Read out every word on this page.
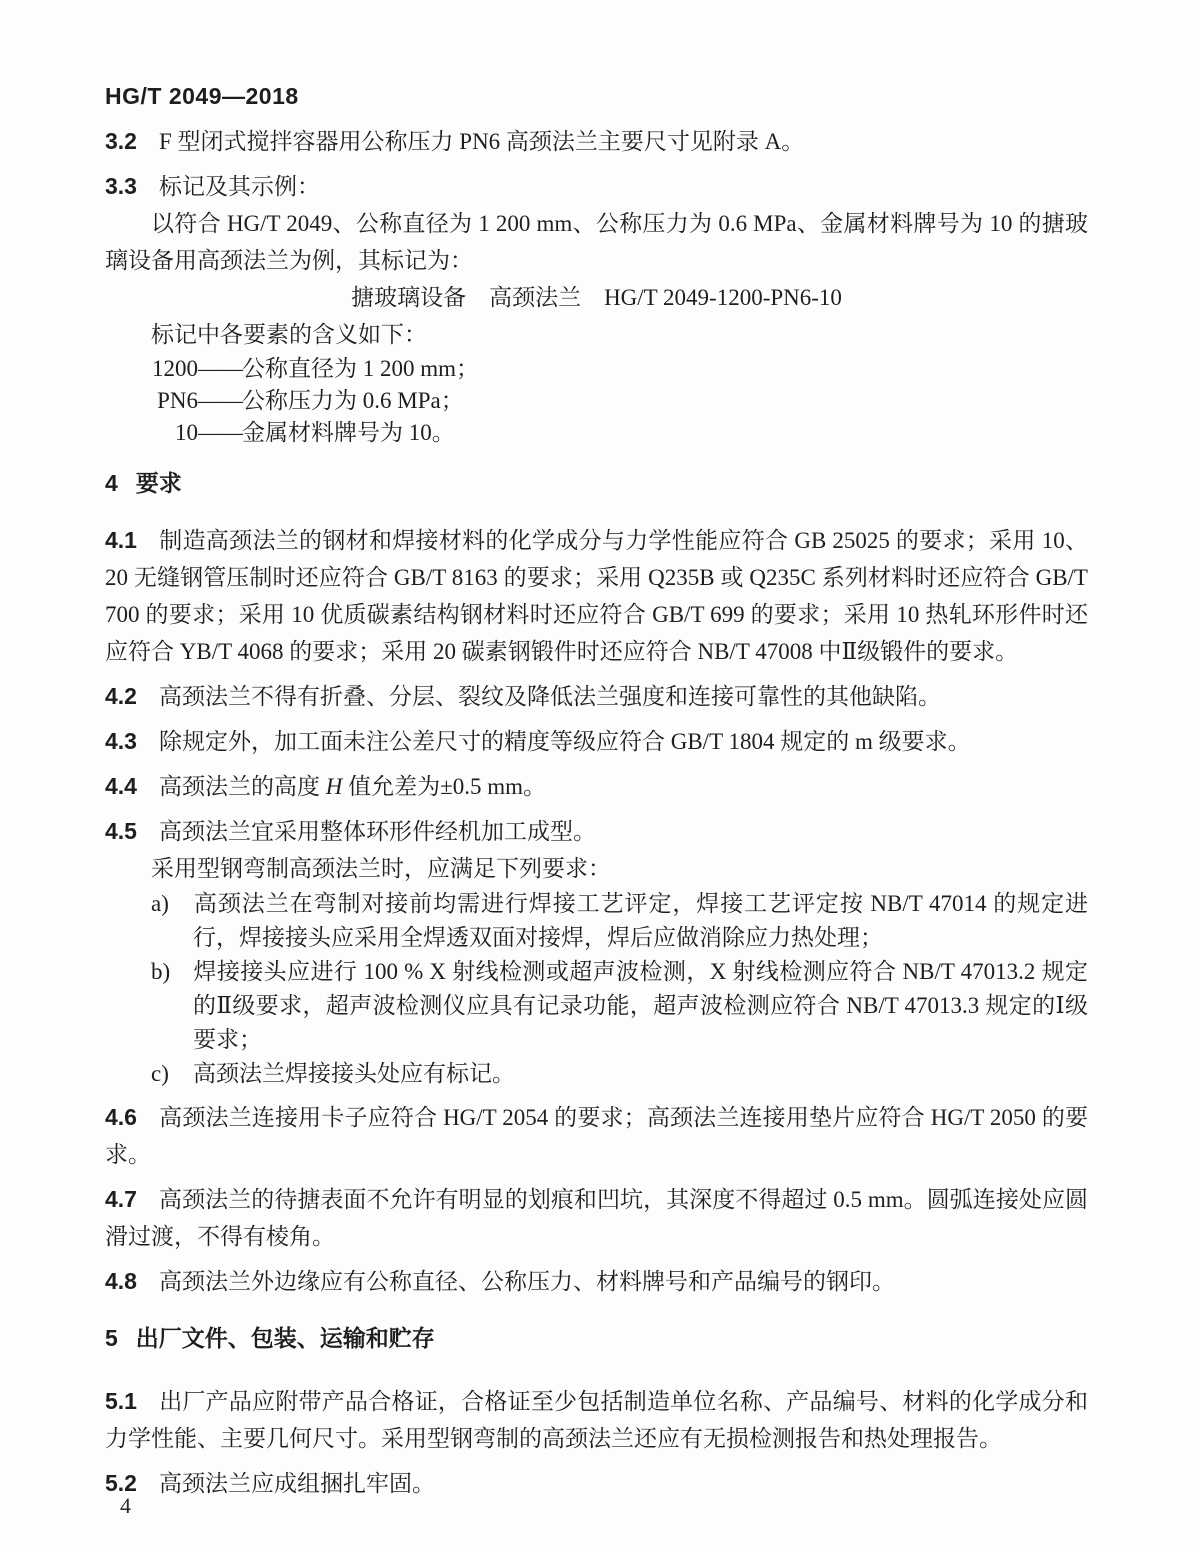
HG/T 2049—2018

3.2 F 型闭式搅拌容器用公称压力 PN6 高颈法兰主要尺寸见附录 A。

3.3 标记及其示例：

以符合 HG/T 2049、公称直径为 1 200 mm、公称压力为 0.6 MPa、金属材料牌号为 10 的搪玻璃设备用高颈法兰为例，其标记为：

搪玻璃设备　高颈法兰　HG/T 2049-1200-PN6-10

标记中各要素的含义如下：

1200——公称直径为 1 200 mm；

PN6——公称压力为 0.6 MPa；

10——金属材料牌号为 10。

4 要求

4.1 制造高颈法兰的钢材和焊接材料的化学成分与力学性能应符合 GB 25025 的要求；采用 10、20 无缝钢管压制时还应符合 GB/T 8163 的要求；采用 Q235B 或 Q235C 系列材料时还应符合 GB/T 700 的要求；采用 10 优质碳素结构钢材料时还应符合 GB/T 699 的要求；采用 10 热轧环形件时还应符合 YB/T 4068 的要求；采用 20 碳素钢锻件时还应符合 NB/T 47008 中Ⅱ级锻件的要求。

4.2 高颈法兰不得有折叠、分层、裂纹及降低法兰强度和连接可靠性的其他缺陷。

4.3 除规定外，加工面未注公差尺寸的精度等级应符合 GB/T 1804 规定的 m 级要求。

4.4 高颈法兰的高度 H 值允差为±0.5 mm。

4.5 高颈法兰宜采用整体环形件经机加工成型。

采用型钢弯制高颈法兰时，应满足下列要求：

a) 高颈法兰在弯制对接前均需进行焊接工艺评定，焊接工艺评定按 NB/T 47014 的规定进行，焊接接头应采用全焊透双面对接焊，焊后应做消除应力热处理；

b) 焊接接头应进行 100 % X 射线检测或超声波检测，X 射线检测应符合 NB/T 47013.2 规定的Ⅱ级要求，超声波检测仪应具有记录功能，超声波检测应符合 NB/T 47013.3 规定的Ⅰ级要求；

c) 高颈法兰焊接接头处应有标记。

4.6 高颈法兰连接用卡子应符合 HG/T 2054 的要求；高颈法兰连接用垫片应符合 HG/T 2050 的要求。

4.7 高颈法兰的待搪表面不允许有明显的划痕和凹坑，其深度不得超过 0.5 mm。圆弧连接处应圆滑过渡，不得有棱角。

4.8 高颈法兰外边缘应有公称直径、公称压力、材料牌号和产品编号的钢印。

5 出厂文件、包装、运输和贮存

5.1 出厂产品应附带产品合格证，合格证至少包括制造单位名称、产品编号、材料的化学成分和力学性能、主要几何尺寸。采用型钢弯制的高颈法兰还应有无损检测报告和热处理报告。

5.2 高颈法兰应成组捆扎牢固。

4
